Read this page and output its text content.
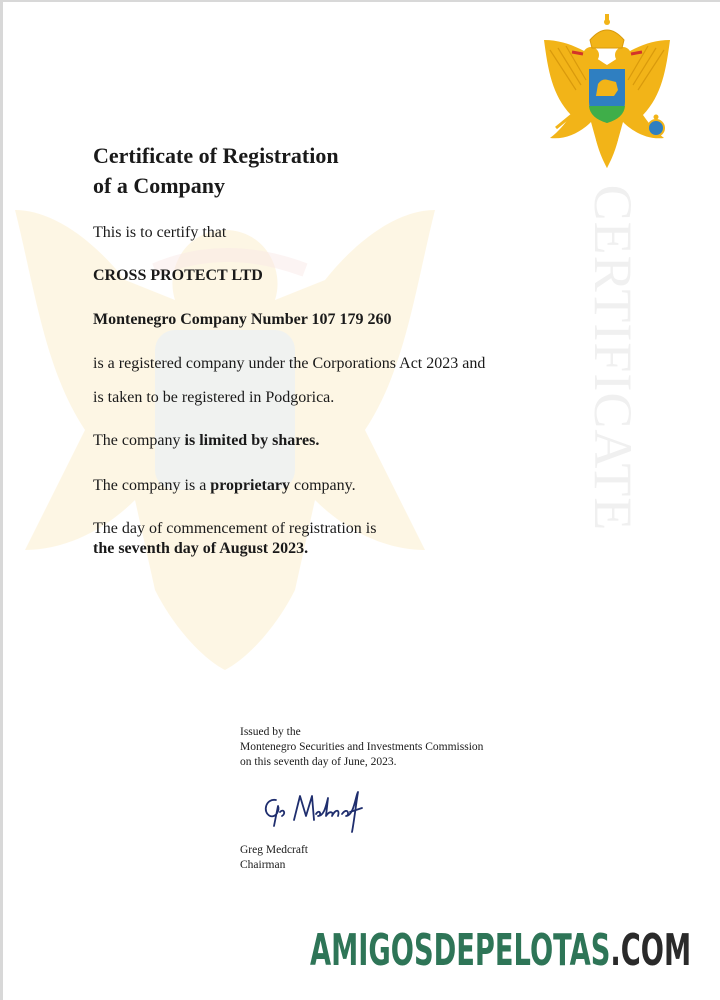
CERTIFICATE
Certificate of Registration
of a Company

This is to certify that

CROSS PROTECT LTD

Montenegro Company Number 107 179 260

is a registered company under the Corporations Act 2023 and

is taken to be registered in Podgorica.

The company is limited by shares.

The company is a proprietary company.

The day of commencement of registration is

the seventh day of August 2023.

Issued by the
Montenegro Securities and Investments Commission
on this seventh day of June, 2023.
Greg Medcraft
Chairman
AMIGOSDEPELOTAS.COM
